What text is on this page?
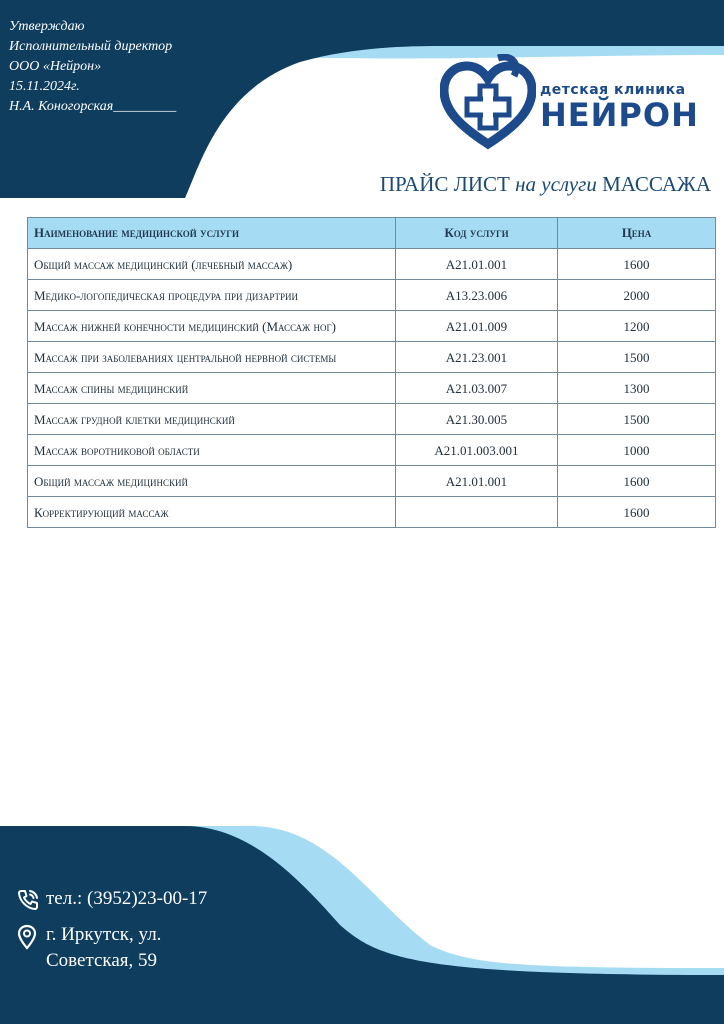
Утверждаю
Исполнительный директор
ООО «Нейрон»
15.11.2024г.
Н.А. Коногорская_________
детская клиника
НЕЙРОН
ПРАЙС ЛИСТ на услуги МАССАЖА
Наименование медицинской услуги	Код услуги	Цена
Общий массаж медицинский (лечебный массаж)	А21.01.001	1600
Медико-логопедическая процедура при дизартрии	А13.23.006	2000
Массаж нижней конечности медицинский (Массаж ног)	А21.01.009	1200
Массаж при заболеваниях центральной нервной системы	А21.23.001	1500
Массаж спины медицинский	А21.03.007	1300
Массаж грудной клетки медицинский	А21.30.005	1500
Массаж воротниковой области	А21.01.003.001	1000
Общий массаж медицинский	А21.01.001	1600
Корректирующий массаж		1600
тел.: (3952)23-00-17
г. Иркутск, ул.
Советская, 59
